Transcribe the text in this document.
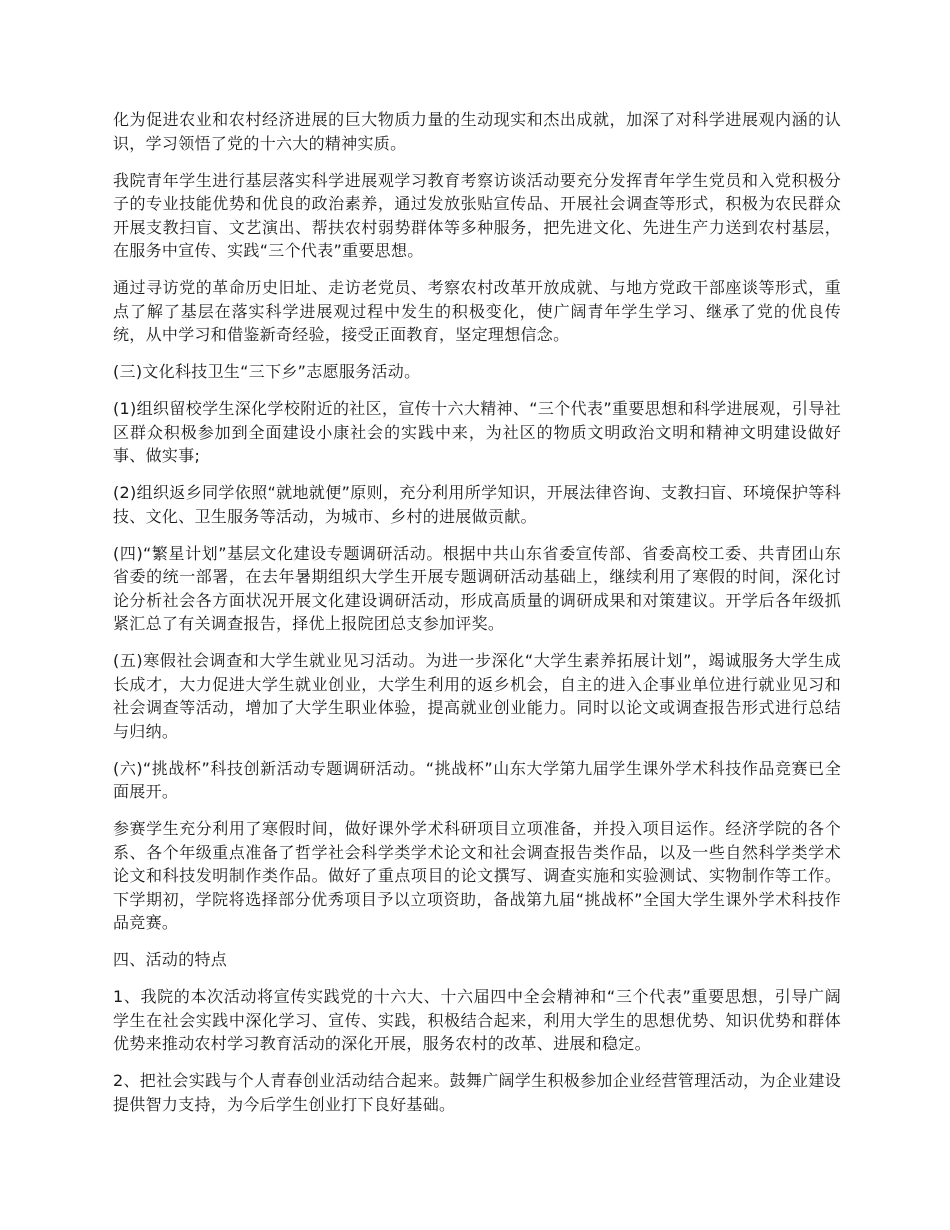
化为促进农业和农村经济进展的巨大物质力量的生动现实和杰出成就，加深了对科学进展观内涵的认识，学习领悟了党的十六大的精神实质。

我院青年学生进行基层落实科学进展观学习教育考察访谈活动要充分发挥青年学生党员和入党积极分子的专业技能优势和优良的政治素养，通过发放张贴宣传品、开展社会调查等形式，积极为农民群众开展支教扫盲、文艺演出、帮扶农村弱势群体等多种服务，把先进文化、先进生产力送到农村基层，在服务中宣传、实践“三个代表”重要思想。

通过寻访党的革命历史旧址、走访老党员、考察农村改革开放成就、与地方党政干部座谈等形式，重点了解了基层在落实科学进展观过程中发生的积极变化，使广阔青年学生学习、继承了党的优良传统，从中学习和借鉴新奇经验，接受正面教育，坚定理想信念。

(三)文化科技卫生“三下乡”志愿服务活动。

(1)组织留校学生深化学校附近的社区，宣传十六大精神、“三个代表”重要思想和科学进展观，引导社区群众积极参加到全面建设小康社会的实践中来，为社区的物质文明政治文明和精神文明建设做好事、做实事;

(2)组织返乡同学依照“就地就便”原则，充分利用所学知识，开展法律咨询、支教扫盲、环境保护等科技、文化、卫生服务等活动，为城市、乡村的进展做贡献。

(四)“繁星计划”基层文化建设专题调研活动。根据中共山东省委宣传部、省委高校工委、共青团山东省委的统一部署，在去年暑期组织大学生开展专题调研活动基础上，继续利用了寒假的时间，深化讨论分析社会各方面状况开展文化建设调研活动，形成高质量的调研成果和对策建议。开学后各年级抓紧汇总了有关调查报告，择优上报院团总支参加评奖。

(五)寒假社会调查和大学生就业见习活动。为进一步深化“大学生素养拓展计划”，竭诚服务大学生成长成才，大力促进大学生就业创业，大学生利用的返乡机会，自主的进入企事业单位进行就业见习和社会调查等活动，增加了大学生职业体验，提高就业创业能力。同时以论文或调查报告形式进行总结与归纳。

(六)“挑战杯”科技创新活动专题调研活动。“挑战杯”山东大学第九届学生课外学术科技作品竞赛已全面展开。

参赛学生充分利用了寒假时间，做好课外学术科研项目立项准备，并投入项目运作。经济学院的各个系、各个年级重点准备了哲学社会科学类学术论文和社会调查报告类作品，以及一些自然科学类学术论文和科技发明制作类作品。做好了重点项目的论文撰写、调查实施和实验测试、实物制作等工作。下学期初，学院将选择部分优秀项目予以立项资助，备战第九届“挑战杯”全国大学生课外学术科技作品竞赛。

四、活动的特点

1、我院的本次活动将宣传实践党的十六大、十六届四中全会精神和“三个代表”重要思想，引导广阔学生在社会实践中深化学习、宣传、实践，积极结合起来，利用大学生的思想优势、知识优势和群体优势来推动农村学习教育活动的深化开展，服务农村的改革、进展和稳定。

2、把社会实践与个人青春创业活动结合起来。鼓舞广阔学生积极参加企业经营管理活动，为企业建设提供智力支持，为今后学生创业打下良好基础。
